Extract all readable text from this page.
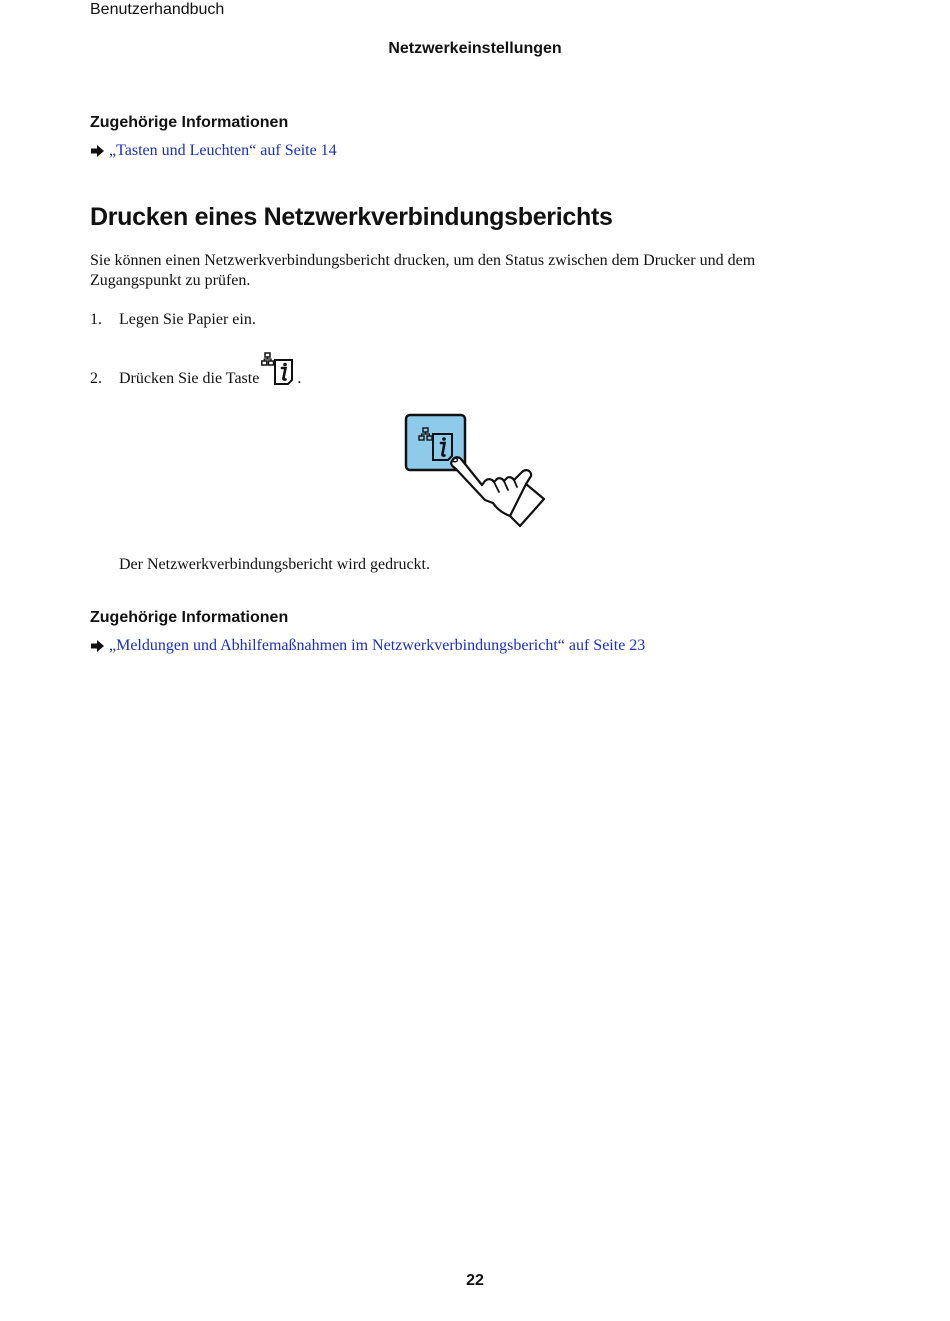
Benutzerhandbuch
Netzwerkeinstellungen
Zugehörige Informationen
„Tasten und Leuchten“ auf Seite 14
Drucken eines Netzwerkverbindungsberichts
Sie können einen Netzwerkverbindungsbericht drucken, um den Status zwischen dem Drucker und dem Zugangspunkt zu prüfen.
1.	Legen Sie Papier ein.
2.	Drücken Sie die Taste .
Der Netzwerkverbindungsbericht wird gedruckt.
Zugehörige Informationen
„Meldungen und Abhilfemaßnahmen im Netzwerkverbindungsbericht“ auf Seite 23
22
